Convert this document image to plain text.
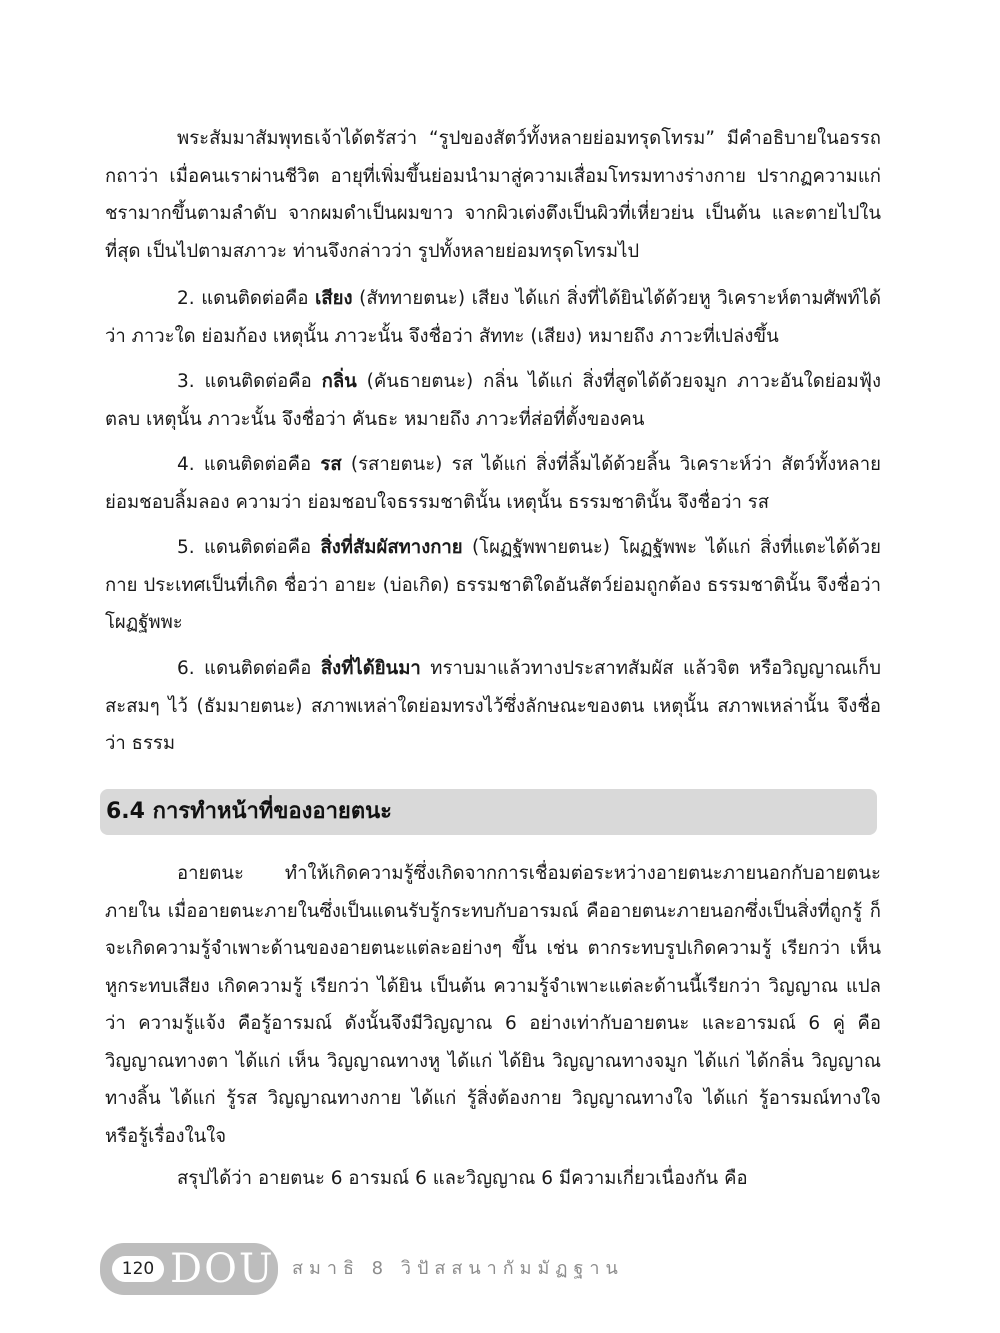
พระสัมมาสัมพุทธเจ้าได้ตรัสว่า “รูปของสัตว์ทั้งหลายย่อมทรุดโทรม” มีคำอธิบายในอรรถกถาว่า เมื่อคนเราผ่านชีวิต อายุที่เพิ่มขึ้นย่อมนำมาสู่ความเสื่อมโทรมทางร่างกาย ปรากฏความแก่ชรามากขึ้นตามลำดับ จากผมดำเป็นผมขาว จากผิวเต่งตึงเป็นผิวที่เหี่ยวย่น เป็นต้น และตายไปในที่สุด เป็นไปตามสภาวะ ท่านจึงกล่าวว่า รูปทั้งหลายย่อมทรุดโทรมไป

2. แดนติดต่อคือ เสียง (สัททายตนะ) เสียง ได้แก่ สิ่งที่ได้ยินได้ด้วยหู วิเคราะห์ตามศัพท์ได้ว่า ภาวะใด ย่อมก้อง เหตุนั้น ภาวะนั้น จึงชื่อว่า สัททะ (เสียง) หมายถึง ภาวะที่เปล่งขึ้น

3. แดนติดต่อคือ กลิ่น (คันธายตนะ) กลิ่น ได้แก่ สิ่งที่สูดได้ด้วยจมูก ภาวะอันใดย่อมฟุ้งตลบ เหตุนั้น ภาวะนั้น จึงชื่อว่า คันธะ หมายถึง ภาวะที่ส่อที่ตั้งของคน

4. แดนติดต่อคือ รส (รสายตนะ) รส ได้แก่ สิ่งที่ลิ้มได้ด้วยลิ้น วิเคราะห์ว่า สัตว์ทั้งหลาย ย่อมชอบลิ้มลอง ความว่า ย่อมชอบใจธรรมชาตินั้น เหตุนั้น ธรรมชาตินั้น จึงชื่อว่า รส

5. แดนติดต่อคือ สิ่งที่สัมผัสทางกาย (โผฏฐัพพายตนะ) โผฏฐัพพะ ได้แก่ สิ่งที่แตะได้ด้วยกาย ประเทศเป็นที่เกิด ชื่อว่า อายะ (บ่อเกิด) ธรรมชาติใดอันสัตว์ย่อมถูกต้อง ธรรมชาตินั้น จึงชื่อว่า โผฏฐัพพะ

6. แดนติดต่อคือ สิ่งที่ได้ยินมา ทราบมาแล้วทางประสาทสัมผัส แล้วจิต หรือวิญญาณเก็บสะสมๆ ไว้ (ธัมมายตนะ) สภาพเหล่าใดย่อมทรงไว้ซึ่งลักษณะของตน เหตุนั้น สภาพเหล่านั้น จึงชื่อว่า ธรรม

6.4 การทำหน้าที่ของอายตนะ

อายตนะ ทำให้เกิดความรู้ซึ่งเกิดจากการเชื่อมต่อระหว่างอายตนะภายนอกกับอายตนะภายใน เมื่ออายตนะภายในซึ่งเป็นแดนรับรู้กระทบกับอารมณ์ คืออายตนะภายนอกซึ่งเป็นสิ่งที่ถูกรู้ ก็จะเกิดความรู้จำเพาะด้านของอายตนะแต่ละอย่างๆ ขึ้น เช่น ตากระทบรูปเกิดความรู้ เรียกว่า เห็น หูกระทบเสียง เกิดความรู้ เรียกว่า ได้ยิน เป็นต้น ความรู้จำเพาะแต่ละด้านนี้เรียกว่า วิญญาณ แปลว่า ความรู้แจ้ง คือรู้อารมณ์ ดังนั้นจึงมีวิญญาณ 6 อย่างเท่ากับอายตนะ และอารมณ์ 6 คู่ คือ วิญญาณทางตา ได้แก่ เห็น วิญญาณทางหู ได้แก่ ได้ยิน วิญญาณทางจมูก ได้แก่ ได้กลิ่น วิญญาณทางลิ้น ได้แก่ รู้รส วิญญาณทางกาย ได้แก่ รู้สิ่งต้องกาย วิญญาณทางใจ ได้แก่ รู้อารมณ์ทางใจ หรือรู้เรื่องในใจ

สรุปได้ว่า อายตนะ 6 อารมณ์ 6 และวิญญาณ 6 มีความเกี่ยวเนื่องกัน คือ

120 DOU สมาธิ 8 วิปัสสนากัมมัฏฐาน
